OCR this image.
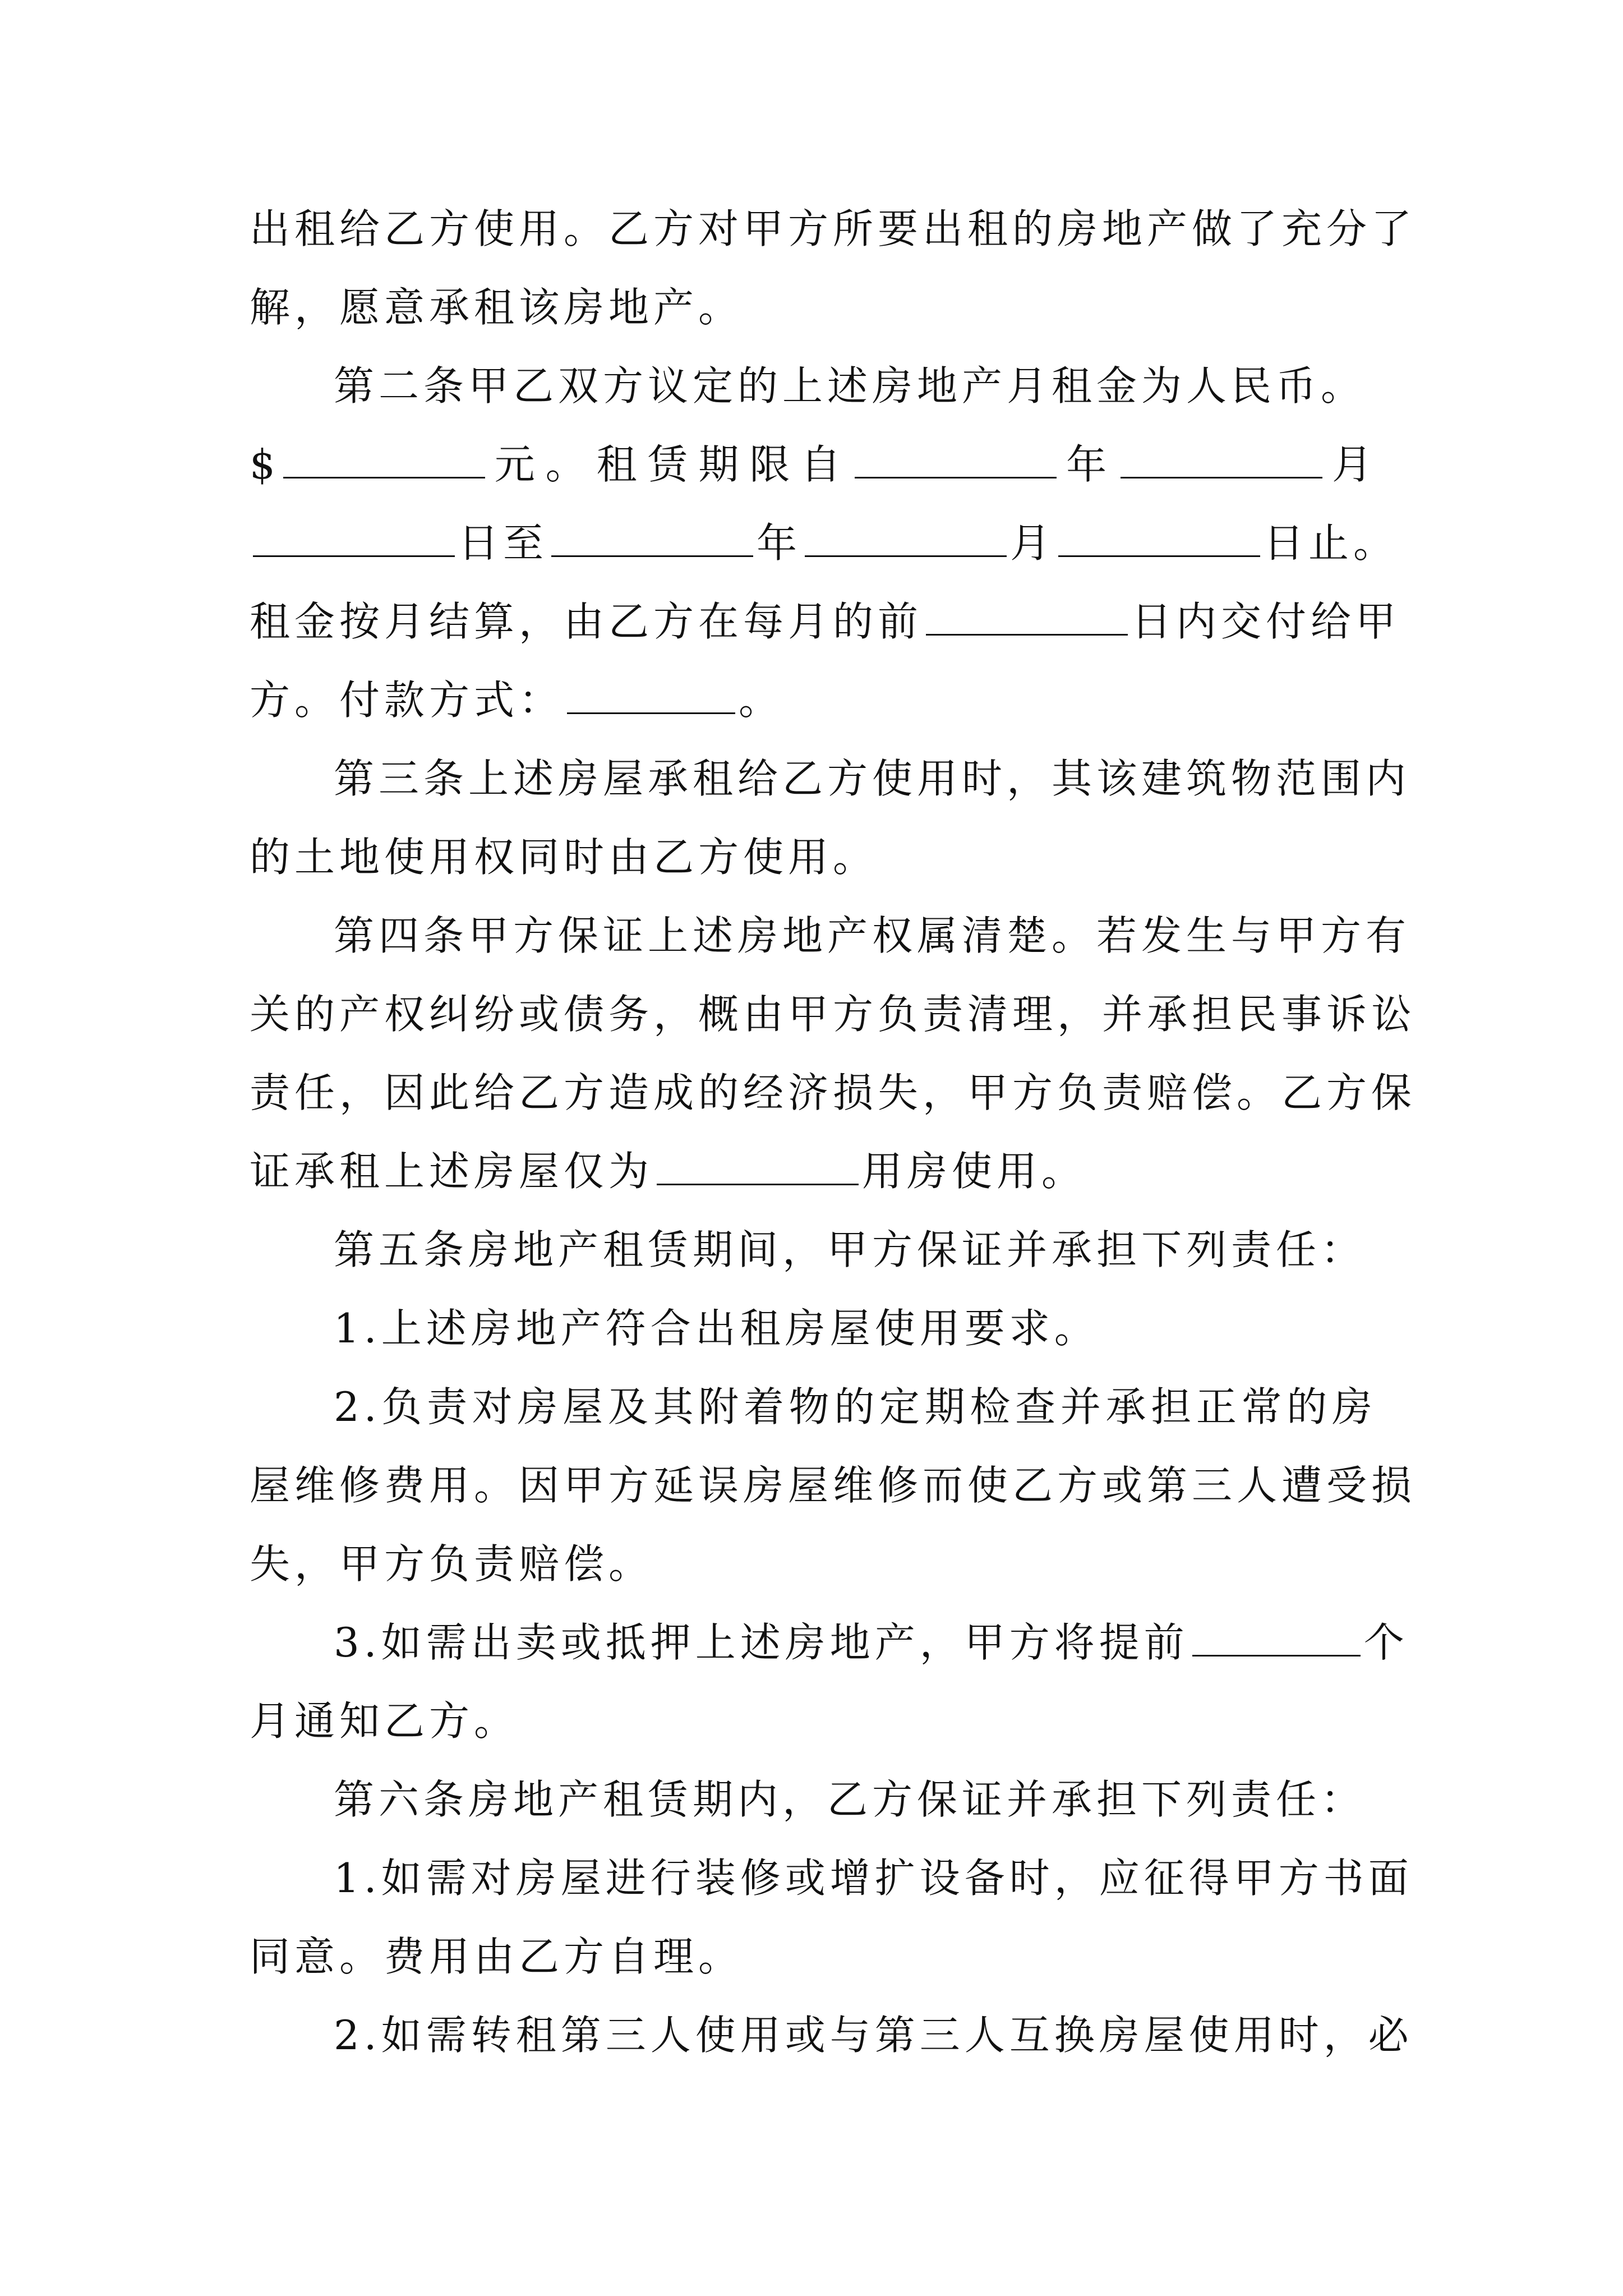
出租给乙方使用。乙方对甲方所要出租的房地产做了充分了
解，愿意承租该房地产。
第二条甲乙双方议定的上述房地产月租金为人民币。
$	元。租赁期限自	年	月
日至	年	月	日止。
租金按月结算，由乙方在每月的前	日内交付给甲
方。付款方式：	。
第三条上述房屋承租给乙方使用时，其该建筑物范围内
的土地使用权同时由乙方使用。
第四条甲方保证上述房地产权属清楚。若发生与甲方有
关的产权纠纷或债务，概由甲方负责清理，并承担民事诉讼
责任，因此给乙方造成的经济损失，甲方负责赔偿。乙方保
证承租上述房屋仅为	用房使用。
第五条房地产租赁期间，甲方保证并承担下列责任：
1.上述房地产符合出租房屋使用要求。
2.负责对房屋及其附着物的定期检查并承担正常的房
屋维修费用。因甲方延误房屋维修而使乙方或第三人遭受损
失，甲方负责赔偿。
3.如需出卖或抵押上述房地产，甲方将提前	个
月通知乙方。
第六条房地产租赁期内，乙方保证并承担下列责任：
1.如需对房屋进行装修或增扩设备时，应征得甲方书面
同意。费用由乙方自理。
2.如需转租第三人使用或与第三人互换房屋使用时，必
